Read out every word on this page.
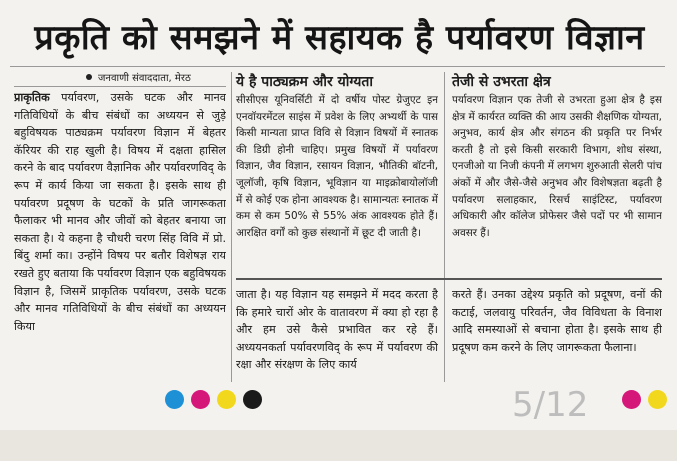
प्रकृति को समझने में सहायक है पर्यावरण विज्ञान
जनवाणी संवाददाता, मेरठ

प्राकृतिक पर्यावरण, उसके घटक और मानव गतिविधियों के बीच संबंधों का अध्ययन से जुड़े बहुविषयक पाठ्यक्रम पर्यावरण विज्ञान में बेहतर कॅरियर की राह खुली है। विषय में दक्षता हासिल करने के बाद पर्यावरण वैज्ञानिक और पर्यावरणविद् के रूप में कार्य किया जा सकता है। इसके साथ ही पर्यावरण प्रदूषण के घटकों के प्रति जागरूकता फैलाकर भी मानव और जीवों को बेहतर बनाया जा सकता है। ये कहना है चौधरी चरण सिंह विवि में प्रो. बिंदु शर्मा का। उन्होंने विषय पर बतौर विशेषज्ञ राय रखते हुए बताया कि पर्यावरण विज्ञान एक बहुविषयक विज्ञान है, जिसमें प्राकृतिक पर्यावरण, उसके घटक और मानव गतिविधियों के बीच संबंधों का अध्ययन किया

ये है पाठ्यक्रम और योग्यता

सीसीएस यूनिवर्सिटी में दो वर्षीय पोस्ट ग्रेजुएट इन एनवॉयरमेंटल साइंस में प्रवेश के लिए अभ्यर्थी के पास किसी मान्यता प्राप्त विवि से विज्ञान विषयों में स्नातक की डिग्री होनी चाहिए। प्रमुख विषयों में पर्यावरण विज्ञान, जैव विज्ञान, रसायन विज्ञान, भौतिकी बॉटनी, जूलॉजी, कृषि विज्ञान, भूविज्ञान या माइक्रोबायोलॉजी में से कोई एक होना आवश्यक है। सामान्यतः स्नातक में कम से कम 50% से 55% अंक आवश्यक होते हैं। आरक्षित वर्गों को कुछ संस्थानों में छूट दी जाती है।

तेजी से उभरता क्षेत्र

पर्यावरण विज्ञान एक तेजी से उभरता हुआ क्षेत्र है इस क्षेत्र में कार्यरत व्यक्ति की आय उसकी शैक्षणिक योग्यता, अनुभव, कार्य क्षेत्र और संगठन की प्रकृति पर निर्भर करती है तो इसे किसी सरकारी विभाग, शोध संस्था, एनजीओ या निजी कंपनी में लगभग शुरुआती सेलरी पांच अंकों में और जैसे-जैसे अनुभव और विशेषज्ञता बढ़ती है पर्यावरण सलाहकार, रिसर्च साइंटिस्ट, पर्यावरण अधिकारी और कॉलेज प्रोफेसर जैसे पदों पर भी सामान अवसर हैं।

जाता है। यह विज्ञान यह समझने में मदद करता है कि हमारे चारों ओर के वातावरण में क्या हो रहा है और हम उसे कैसे प्रभावित कर रहे हैं। अध्ययनकर्ता पर्यावरणविद् के रूप में पर्यावरण की रक्षा और संरक्षण के लिए कार्य

करते हैं। उनका उद्देश्य प्रकृति को प्रदूषण, वनों की कटाई, जलवायु परिवर्तन, जैव विविधता के विनाश आदि समस्याओं से बचाना होता है। इसके साथ ही प्रदूषण कम करने के लिए जागरूकता फैलाना।

5/12
